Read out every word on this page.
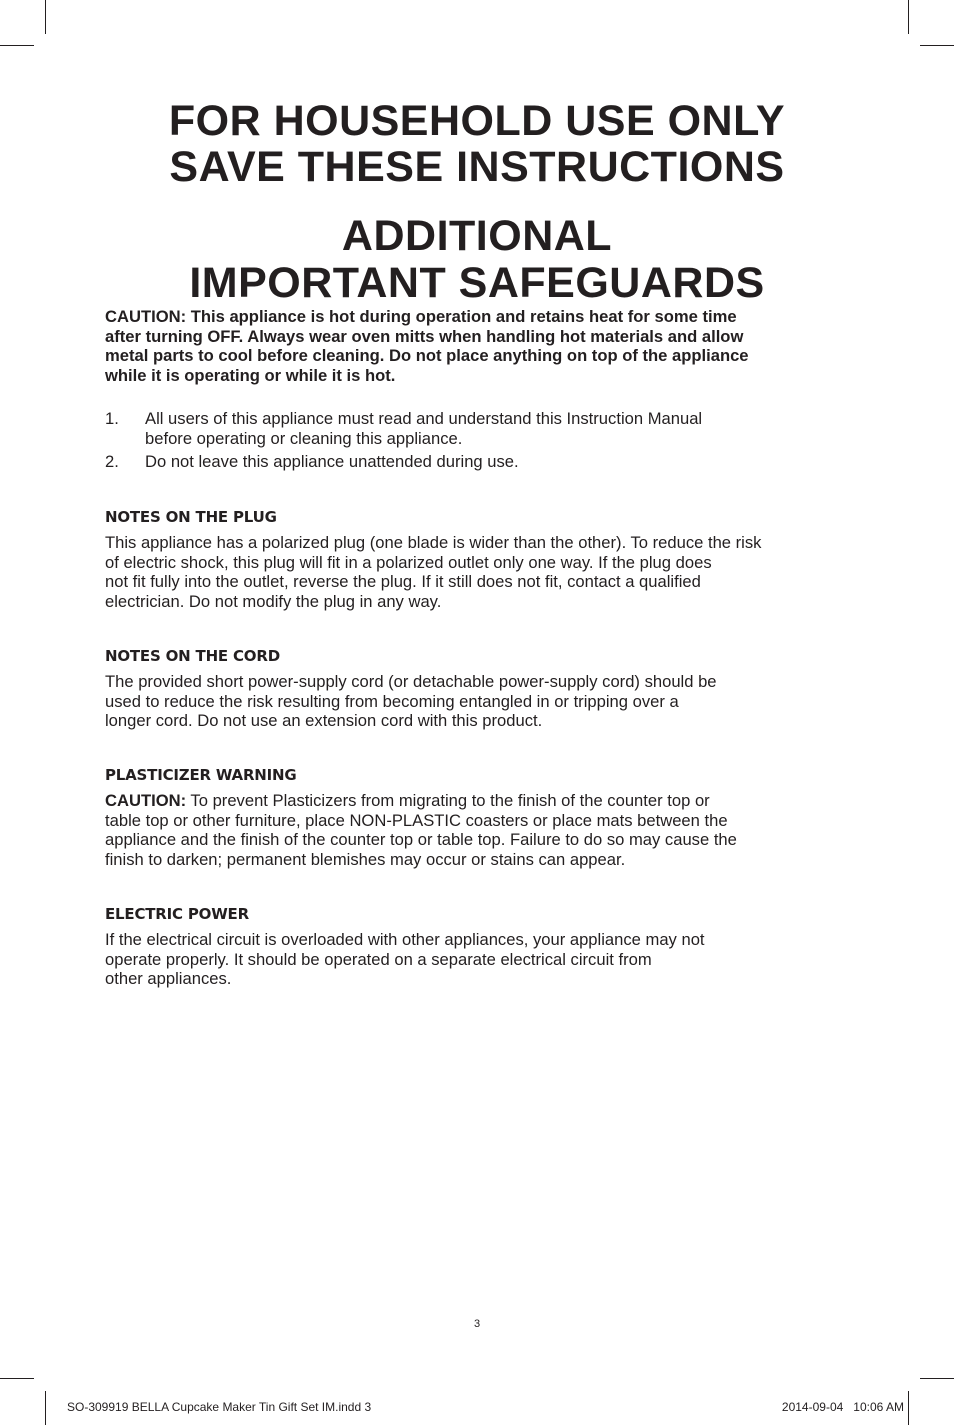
FOR HOUSEHOLD USE ONLY
SAVE THESE INSTRUCTIONS
ADDITIONAL
IMPORTANT SAFEGUARDS
CAUTION: This appliance is hot during operation and retains heat for some time
after turning OFF. Always wear oven mitts when handling hot materials and allow
metal parts to cool before cleaning. Do not place anything on top of the appliance
while it is operating or while it is hot.
1.	All users of this appliance must read and understand this Instruction Manual
before operating or cleaning this appliance.
2.	Do not leave this appliance unattended during use.
NOTES ON THE PLUG
This appliance has a polarized plug (one blade is wider than the other). To reduce the risk
of electric shock, this plug will fit in a polarized outlet only one way. If the plug does
not fit fully into the outlet, reverse the plug. If it still does not fit, contact a qualified
electrician. Do not modify the plug in any way.
NOTES ON THE CORD
The provided short power-supply cord (or detachable power-supply cord) should be
used to reduce the risk resulting from becoming entangled in or tripping over a
longer cord. Do not use an extension cord with this product.
PLASTICIZER WARNING
CAUTION: To prevent Plasticizers from migrating to the finish of the counter top or
table top or other furniture, place NON-PLASTIC coasters or place mats between the
appliance and the finish of the counter top or table top. Failure to do so may cause the
finish to darken; permanent blemishes may occur or stains can appear.
ELECTRIC POWER
If the electrical circuit is overloaded with other appliances, your appliance may not
operate properly. It should be operated on a separate electrical circuit from
other appliances.
3
SO-309919 BELLA Cupcake Maker Tin Gift Set IM.indd 3	2014-09-04   10:06 AM
